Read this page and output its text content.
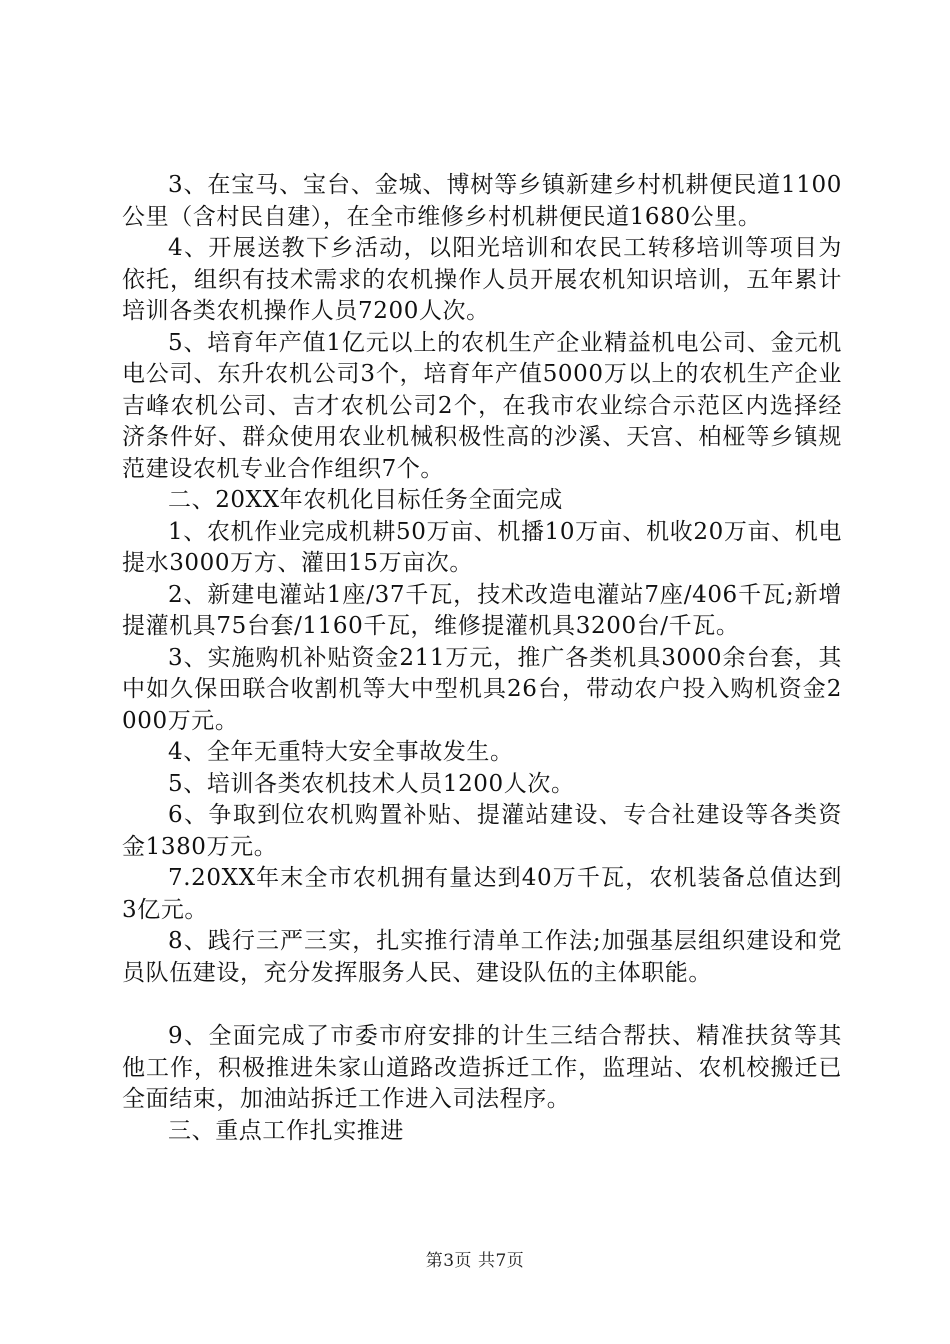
3、在宝马、宝台、金城、博树等乡镇新建乡村机耕便民道1100公里（含村民自建），在全市维修乡村机耕便民道1680公里。

4、开展送教下乡活动，以阳光培训和农民工转移培训等项目为依托，组织有技术需求的农机操作人员开展农机知识培训，五年累计培训各类农机操作人员7200人次。

5、培育年产值1亿元以上的农机生产企业精益机电公司、金元机电公司、东升农机公司3个，培育年产值5000万以上的农机生产企业吉峰农机公司、吉才农机公司2个，在我市农业综合示范区内选择经济条件好、群众使用农业机械积极性高的沙溪、天宫、柏桠等乡镇规范建设农机专业合作组织7个。

二、20XX年农机化目标任务全面完成

1、农机作业完成机耕50万亩、机播10万亩、机收20万亩、机电提水3000万方、灌田15万亩次。

2、新建电灌站1座/37千瓦，技术改造电灌站7座/406千瓦;新增提灌机具75台套/1160千瓦，维修提灌机具3200台/千瓦。

3、实施购机补贴资金211万元，推广各类机具3000余台套，其中如久保田联合收割机等大中型机具26台，带动农户投入购机资金2000万元。

4、全年无重特大安全事故发生。

5、培训各类农机技术人员1200人次。

6、争取到位农机购置补贴、提灌站建设、专合社建设等各类资金1380万元。

7.20XX年末全市农机拥有量达到40万千瓦，农机装备总值达到3亿元。

8、践行三严三实，扎实推行清单工作法;加强基层组织建设和党员队伍建设，充分发挥服务人民、建设队伍的主体职能。

9、全面完成了市委市府安排的计生三结合帮扶、精准扶贫等其他工作，积极推进朱家山道路改造拆迁工作，监理站、农机校搬迁已全面结束，加油站拆迁工作进入司法程序。

三、重点工作扎实推进

第3页 共7页
